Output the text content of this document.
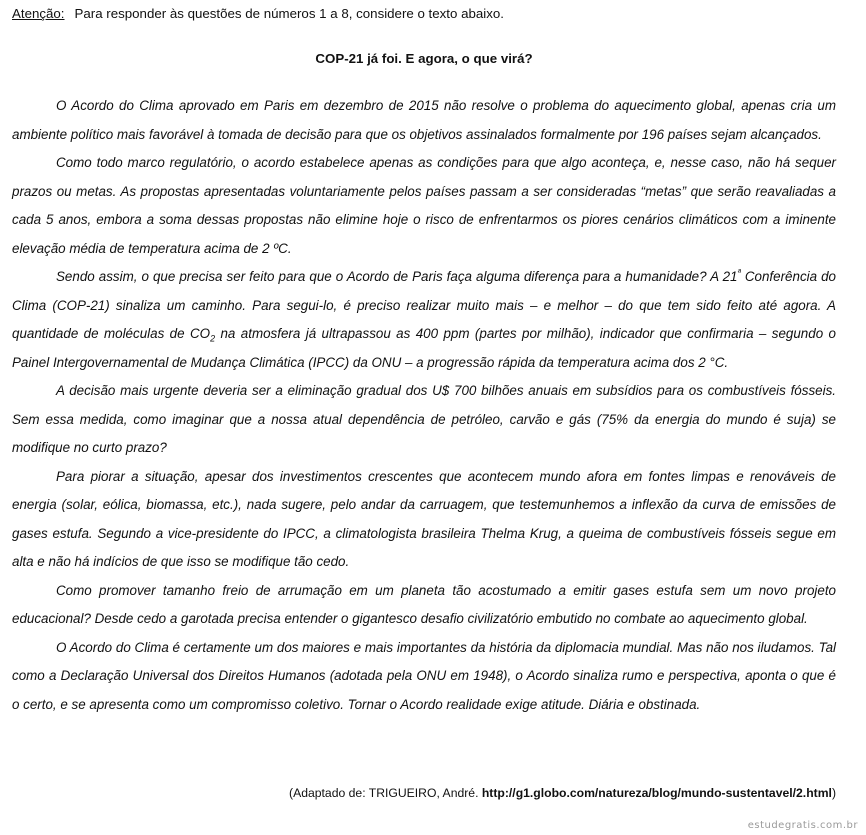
Atenção: Para responder às questões de números 1 a 8, considere o texto abaixo.
COP-21 já foi. E agora, o que virá?

O Acordo do Clima aprovado em Paris em dezembro de 2015 não resolve o problema do aquecimento global, apenas cria um ambiente político mais favorável à tomada de decisão para que os objetivos assinalados formalmente por 196 países sejam alcançados.

Como todo marco regulatório, o acordo estabelece apenas as condições para que algo aconteça, e, nesse caso, não há sequer prazos ou metas. As propostas apresentadas voluntariamente pelos países passam a ser consideradas “metas” que serão reavaliadas a cada 5 anos, embora a soma dessas propostas não elimine hoje o risco de enfrentarmos os piores cenários climáticos com a iminente elevação média de temperatura acima de 2 ºC.

Sendo assim, o que precisa ser feito para que o Acordo de Paris faça alguma diferença para a humanidade? A $21^ª$ Conferência do Clima (COP-21) sinaliza um caminho. Para segui-lo, é preciso realizar muito mais – e melhor – do que tem sido feito até agora. A quantidade de moléculas de $CO_2$ na atmosfera já ultrapassou as 400 ppm (partes por milhão), indicador que confirmaria – segundo o Painel Intergovernamental de Mudança Climática (IPCC) da ONU – a progressão rápida da temperatura acima dos 2 °C.

A decisão mais urgente deveria ser a eliminação gradual dos U$ 700 bilhões anuais em subsídios para os combustíveis fósseis. Sem essa medida, como imaginar que a nossa atual dependência de petróleo, carvão e gás (75% da energia do mundo é suja) se modifique no curto prazo?

Para piorar a situação, apesar dos investimentos crescentes que acontecem mundo afora em fontes limpas e renováveis de energia (solar, eólica, biomassa, etc.), nada sugere, pelo andar da carruagem, que testemunhemos a inflexão da curva de emissões de gases estufa. Segundo a vice-presidente do IPCC, a climatologista brasileira Thelma Krug, a queima de combustíveis fósseis segue em alta e não há indícios de que isso se modifique tão cedo.

Como promover tamanho freio de arrumação em um planeta tão acostumado a emitir gases estufa sem um novo projeto educacional? Desde cedo a garotada precisa entender o gigantesco desafio civilizatório embutido no combate ao aquecimento global.

O Acordo do Clima é certamente um dos maiores e mais importantes da história da diplomacia mundial. Mas não nos iludamos. Tal como a Declaração Universal dos Direitos Humanos (adotada pela ONU em 1948), o Acordo sinaliza rumo e perspectiva, aponta o que é o certo, e se apresenta como um compromisso coletivo. Tornar o Acordo realidade exige atitude. Diária e obstinada.

(Adaptado de: TRIGUEIRO, André. http://g1.globo.com/natureza/blog/mundo-sustentavel/2.html)
estudegratis.com.br
